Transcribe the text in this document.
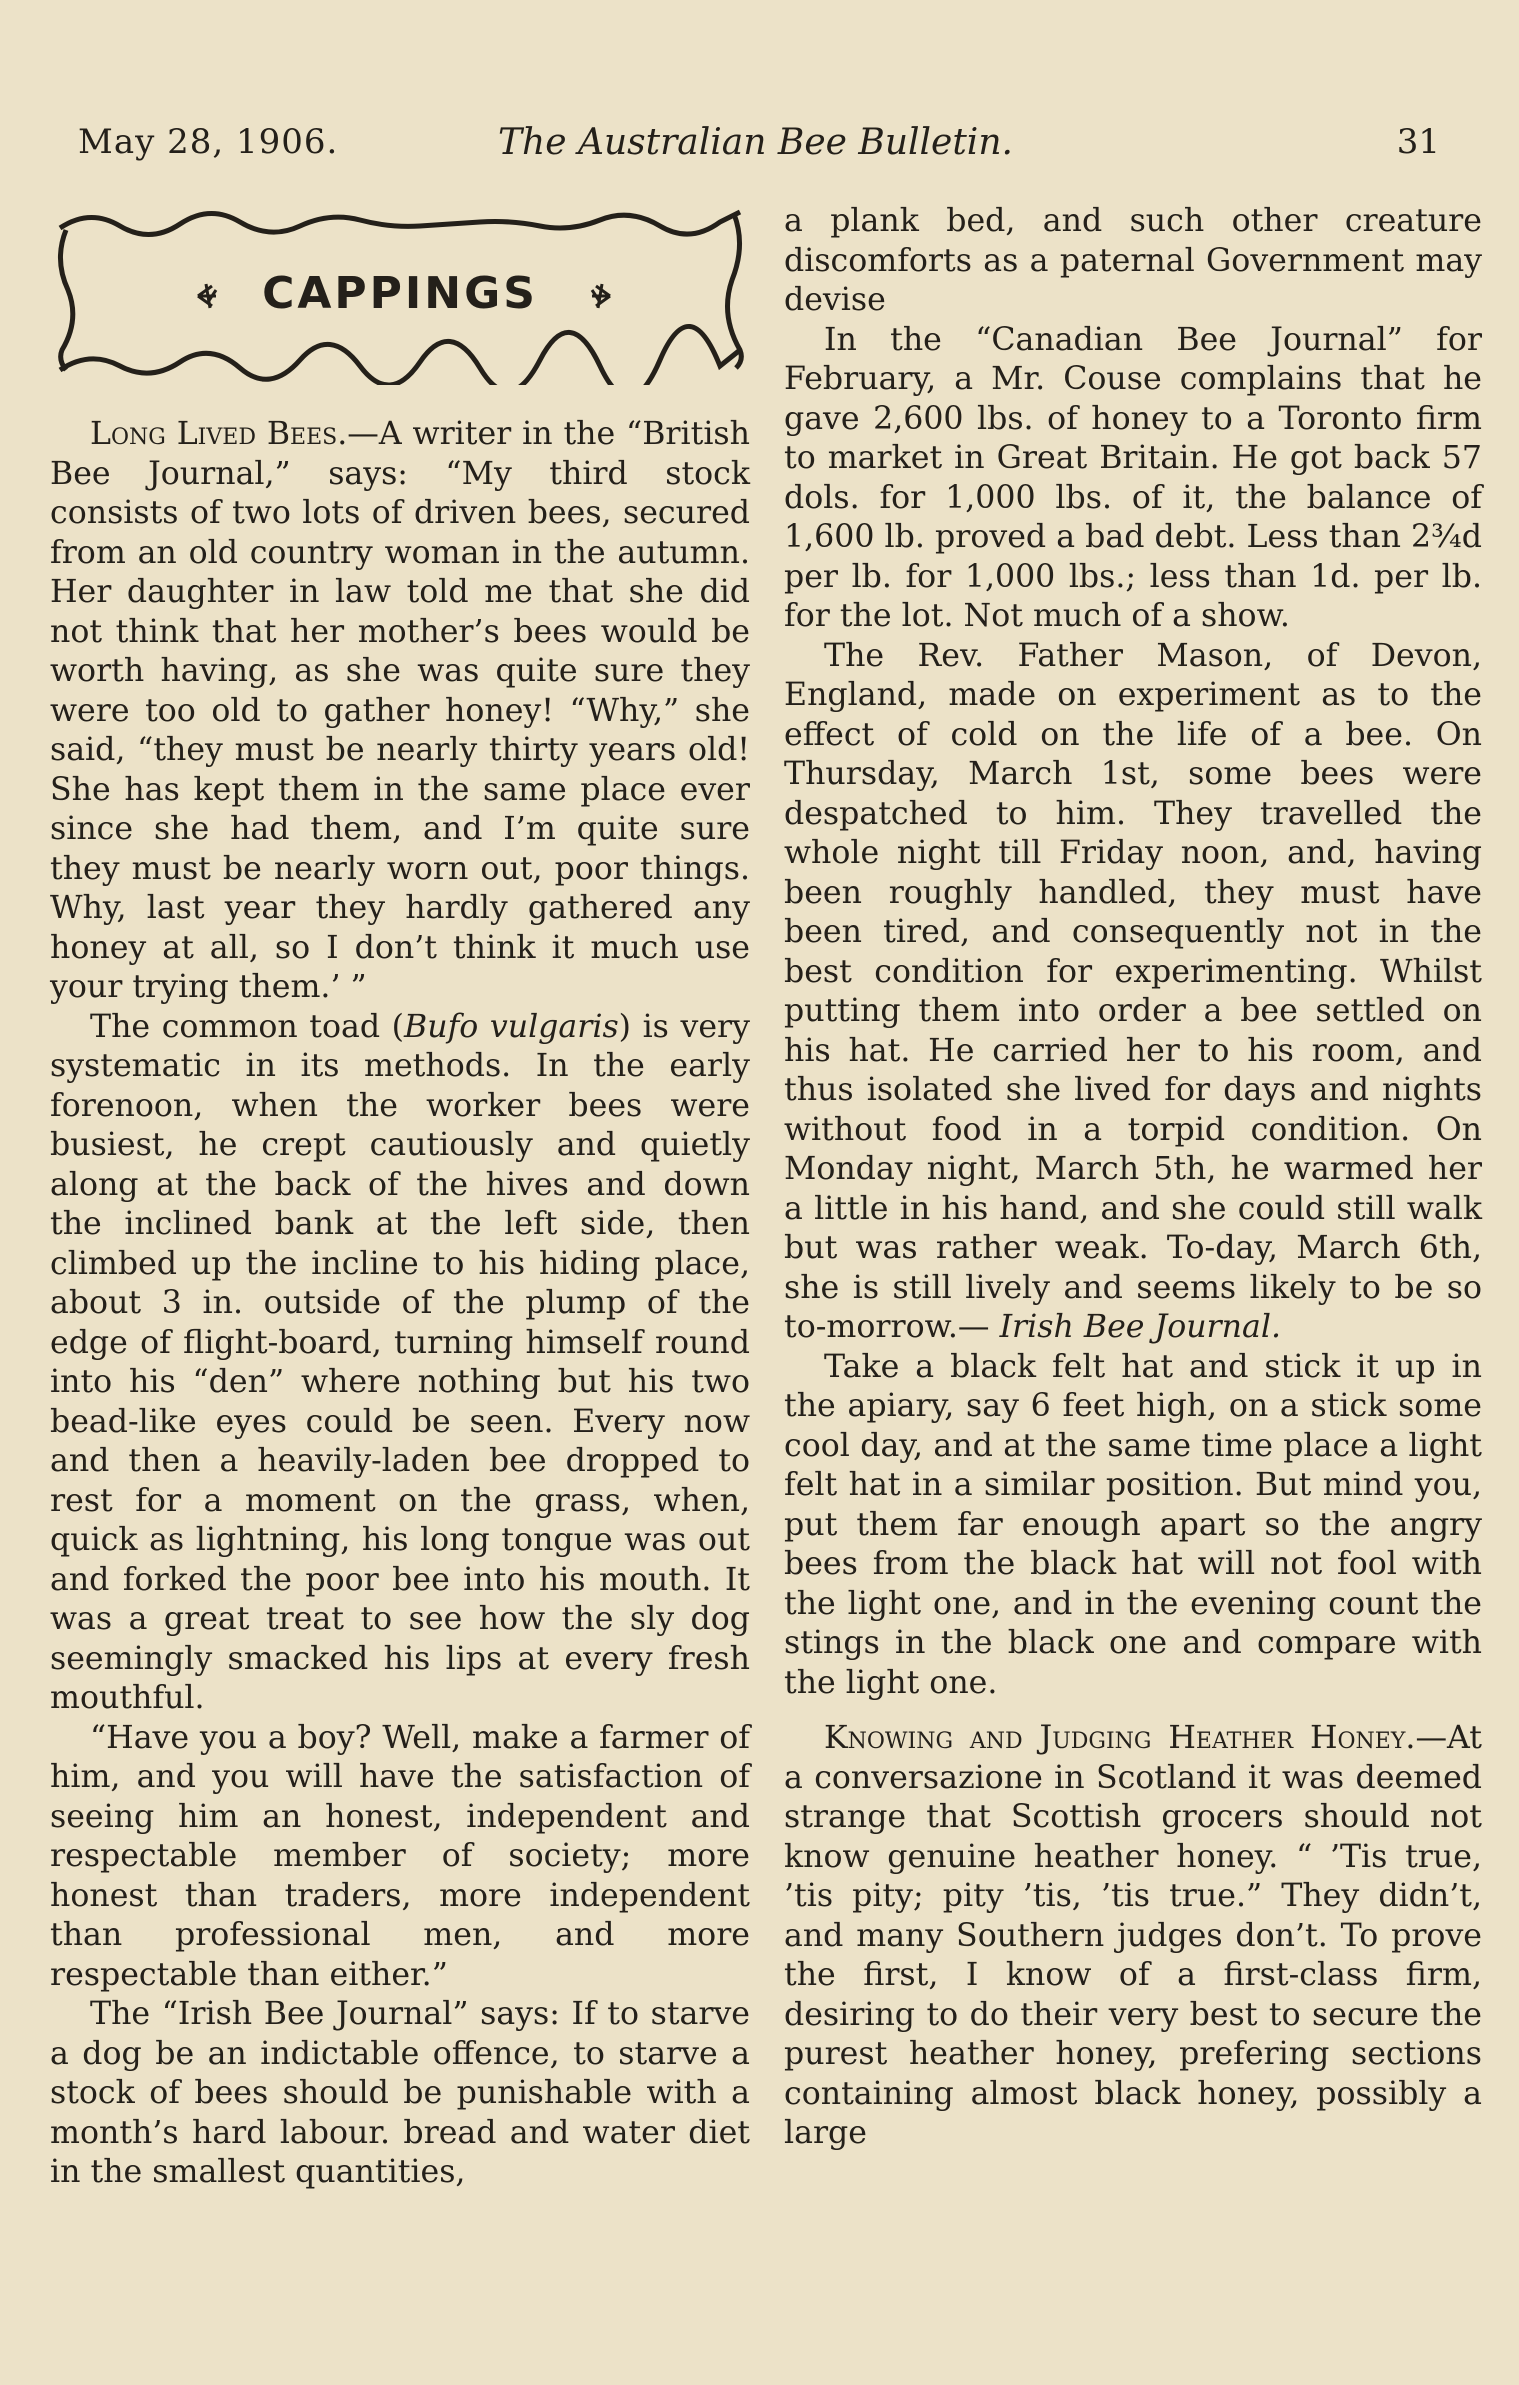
May 28, 1906.	The Australian Bee Bulletin.	31
CAPPINGS

Long Lived Bees.—A writer in the “British Bee Journal,” says: “My third stock consists of two lots of driven bees, secured from an old country woman in the autumn. Her daughter in law told me that she did not think that her mother’s bees would be worth having, as she was quite sure they were too old to gather honey! “Why,” she said, “they must be nearly thirty years old! She has kept them in the same place ever since she had them, and I’m quite sure they must be nearly worn out, poor things. Why, last year they hardly gathered any honey at all, so I don’t think it much use your trying them.’ ”

The common toad (Bufo vulgaris) is very systematic in its methods. In the early forenoon, when the worker bees were busiest, he crept cautiously and quietly along at the back of the hives and down the inclined bank at the left side, then climbed up the incline to his hiding place, about 3 in. outside of the plump of the edge of flight-board, turning himself round into his “den” where nothing but his two bead-like eyes could be seen. Every now and then a heavily-laden bee dropped to rest for a moment on the grass, when, quick as lightning, his long tongue was out and forked the poor bee into his mouth. It was a great treat to see how the sly dog seemingly smacked his lips at every fresh mouthful.

“Have you a boy? Well, make a farmer of him, and you will have the satisfaction of seeing him an honest, independent and respectable member of society; more honest than traders, more independent than professional men, and more respectable than either.”

The “Irish Bee Journal” says: If to starve a dog be an indictable offence, to starve a stock of bees should be punishable with a month’s hard labour. bread and water diet in the smallest quantities,

a plank bed, and such other creature discomforts as a paternal Government may devise

In the “Canadian Bee Journal” for February, a Mr. Couse complains that he gave 2,600 lbs. of honey to a Toronto firm to market in Great Britain. He got back 57 dols. for 1,000 lbs. of it, the balance of 1,600 lb. proved a bad debt. Less than 2¾d per lb. for 1,000 lbs.; less than 1d. per lb. for the lot. Not much of a show.

The Rev. Father Mason, of Devon, England, made on experiment as to the effect of cold on the life of a bee. On Thursday, March 1st, some bees were despatched to him. They travelled the whole night till Friday noon, and, having been roughly handled, they must have been tired, and consequently not in the best condition for experimenting. Whilst putting them into order a bee settled on his hat. He carried her to his room, and thus isolated she lived for days and nights without food in a torpid condition. On Monday night, March 5th, he warmed her a little in his hand, and she could still walk but was rather weak. To-day, March 6th, she is still lively and seems likely to be so to-morrow.— Irish Bee Journal.

Take a black felt hat and stick it up in the apiary, say 6 feet high, on a stick some cool day, and at the same time place a light felt hat in a similar position. But mind you, put them far enough apart so the angry bees from the black hat will not fool with the light one, and in the evening count the stings in the black one and compare with the light one.

Knowing and Judging Heather Honey.—At a conversazione in Scotland it was deemed strange that Scottish grocers should not know genuine heather honey. “ ’Tis true, ’tis pity; pity ’tis, ’tis true.” They didn’t, and many Southern judges don’t. To prove the first, I know of a first-class firm, desiring to do their very best to secure the purest heather honey, prefering sections containing almost black honey, possibly a large
